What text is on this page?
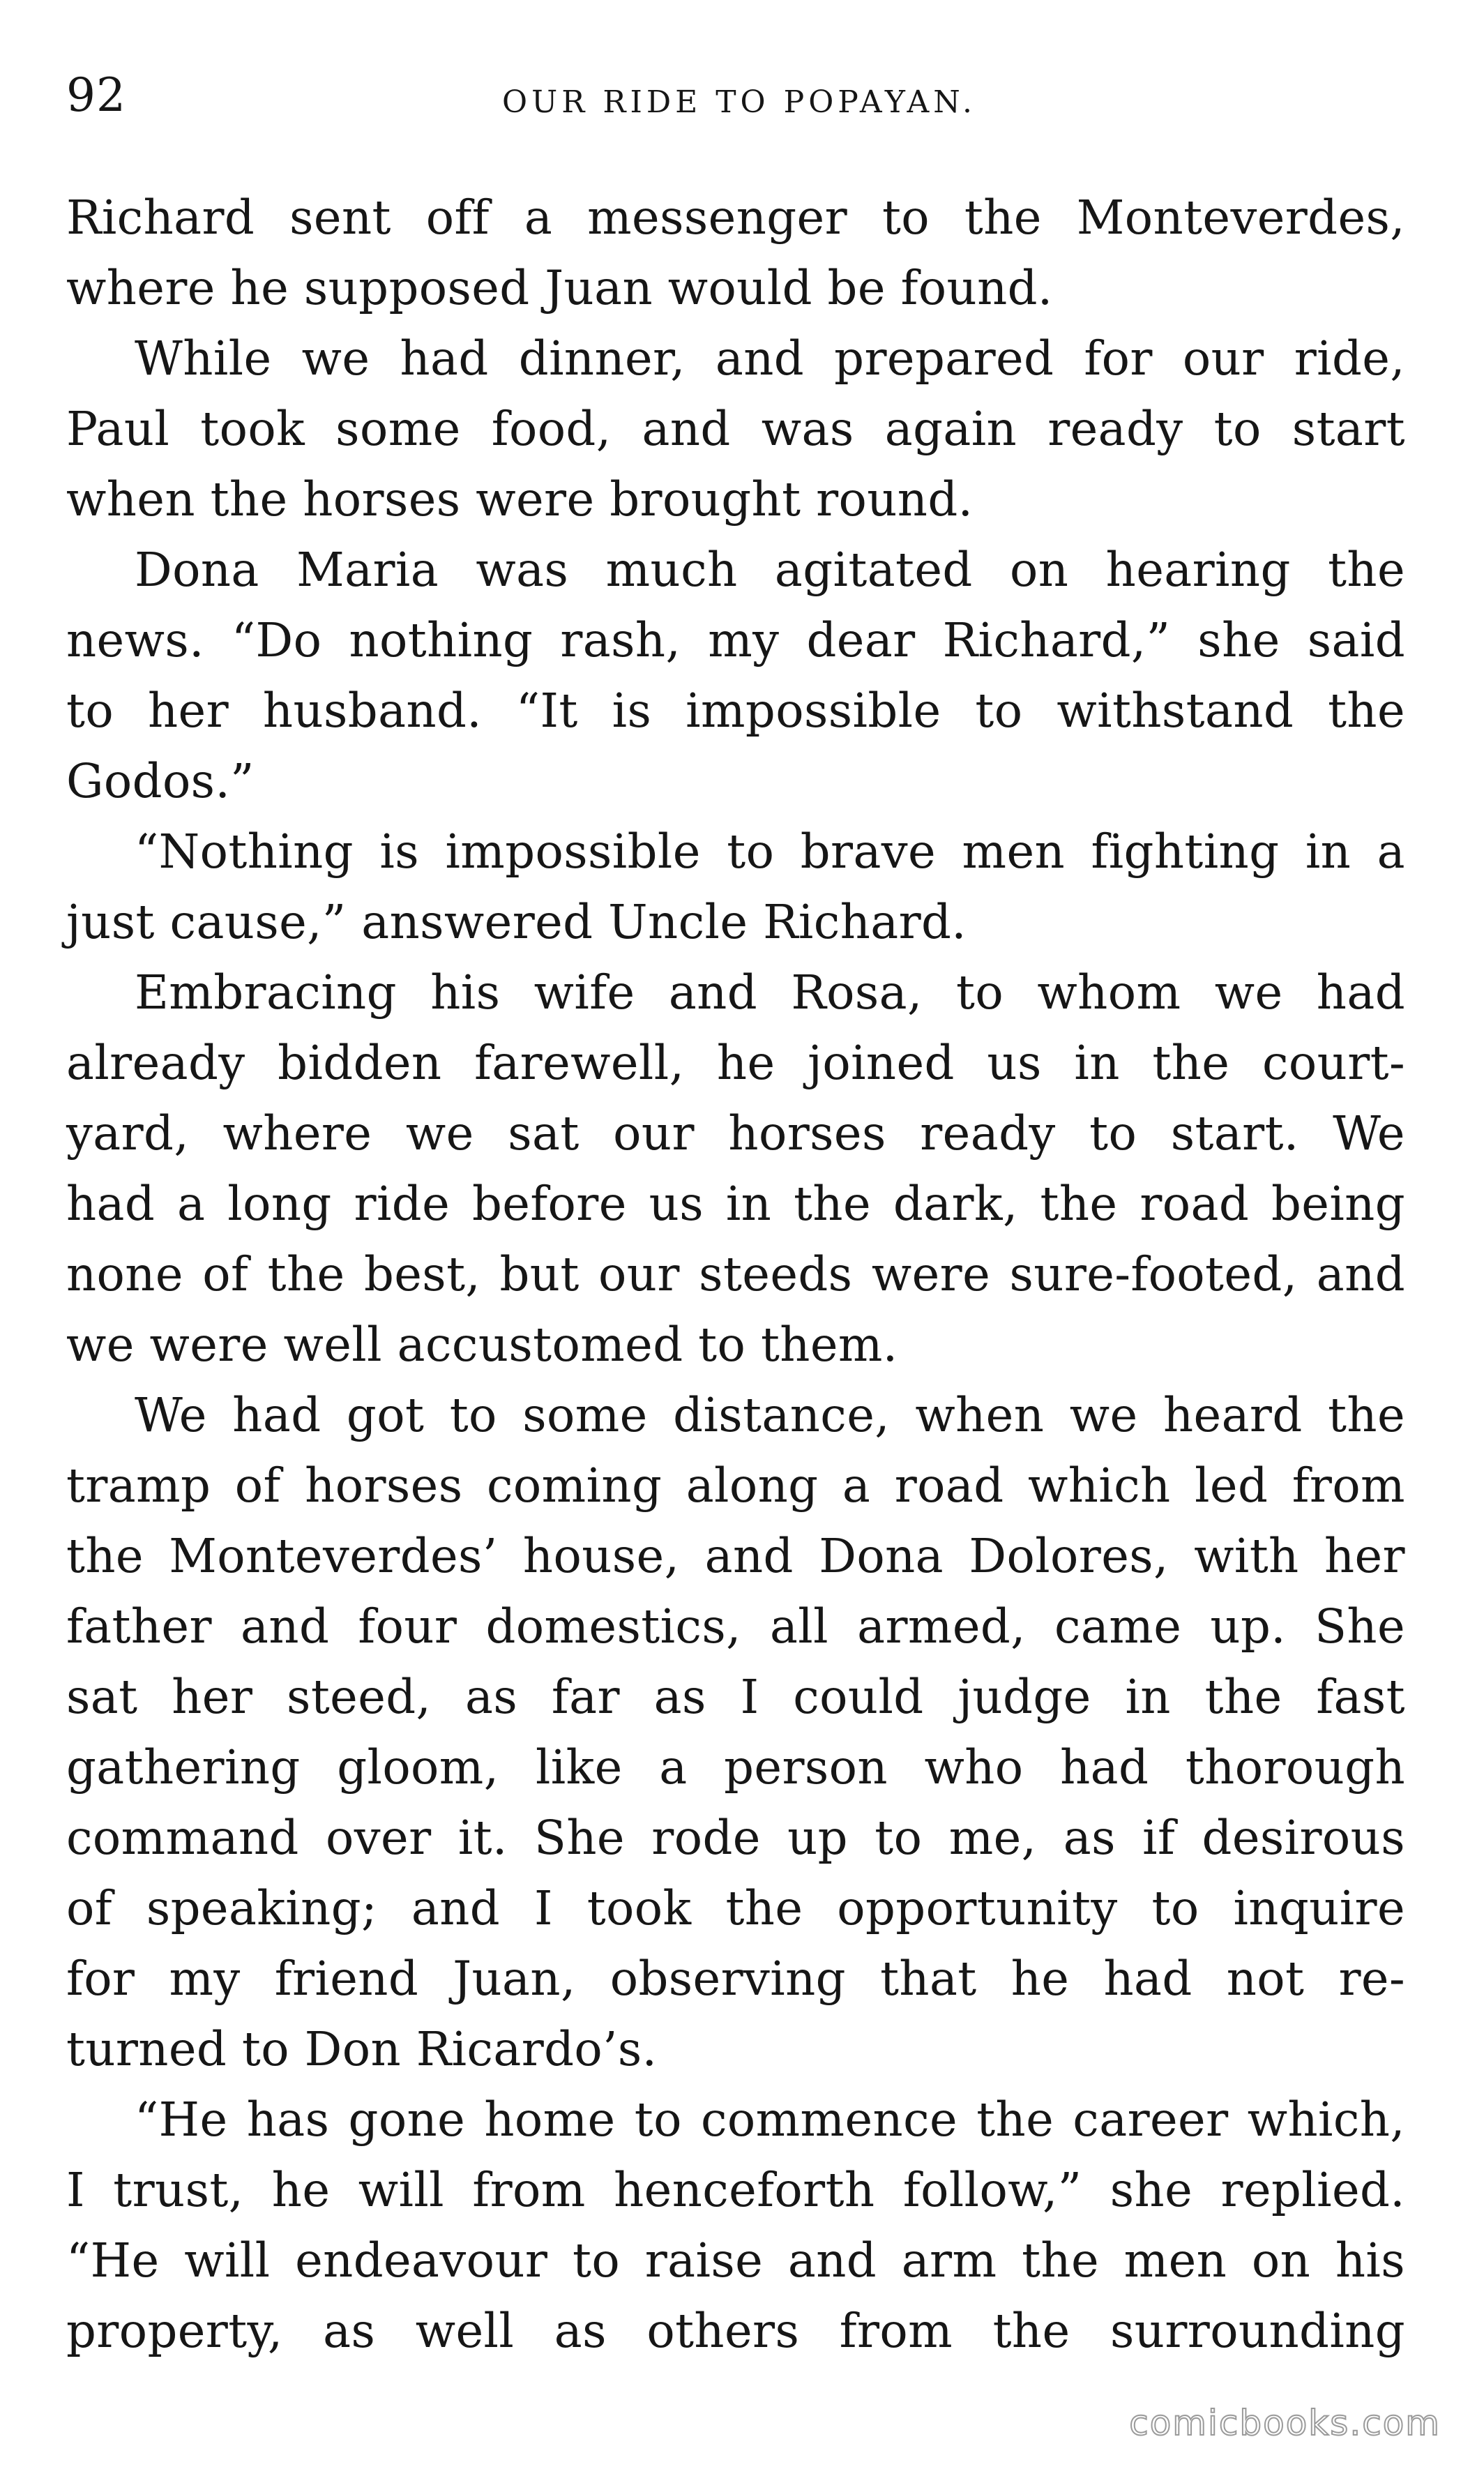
92	OUR RIDE TO POPAYAN.
Richard sent off a messenger to the Monteverdes,
where he supposed Juan would be found.
While we had dinner, and prepared for our ride,
Paul took some food, and was again ready to start
when the horses were brought round.
Dona Maria was much agitated on hearing the
news. “Do nothing rash, my dear Richard,” she said
to her husband. “It is impossible to withstand the
Godos.”
“Nothing is impossible to brave men fighting in a
just cause,” answered Uncle Richard.
Embracing his wife and Rosa, to whom we had
already bidden farewell, he joined us in the court-
yard, where we sat our horses ready to start. We
had a long ride before us in the dark, the road being
none of the best, but our steeds were sure-footed, and
we were well accustomed to them.
We had got to some distance, when we heard the
tramp of horses coming along a road which led from
the Monteverdes’ house, and Dona Dolores, with her
father and four domestics, all armed, came up. She
sat her steed, as far as I could judge in the fast
gathering gloom, like a person who had thorough
command over it. She rode up to me, as if desirous
of speaking; and I took the opportunity to inquire
for my friend Juan, observing that he had not re-
turned to Don Ricardo’s.
“He has gone home to commence the career which,
I trust, he will from henceforth follow,” she replied.
“He will endeavour to raise and arm the men on his
property, as well as others from the surrounding
comicbooks.com
